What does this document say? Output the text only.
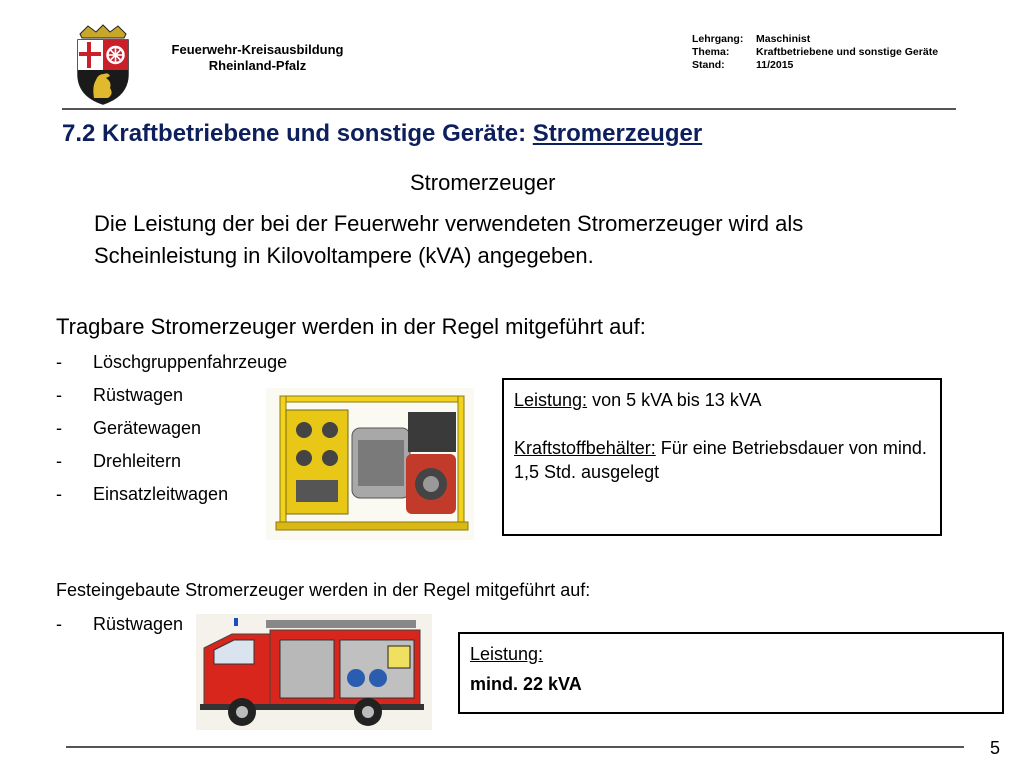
Feuerwehr-Kreisausbildung
Rheinland-Pfalz
Lehrgang: Maschinist
Thema:	Kraftbetriebene und sonstige Geräte
Stand:	11/2015
7.2 Kraftbetriebene und sonstige Geräte: Stromerzeuger
Stromerzeuger
Die Leistung der bei der Feuerwehr verwendeten Stromerzeuger wird als Scheinleistung in Kilovoltampere (kVA) angegeben.
Tragbare Stromerzeuger werden in der Regel mitgeführt auf:
- Löschgruppenfahrzeuge
- Rüstwagen
- Gerätewagen
- Drehleitern
- Einsatzleitwagen
Leistung: von 5 kVA bis 13 kVA
Kraftstoffbehälter: Für eine Betriebsdauer von mind. 1,5 Std. ausgelegt
Festeingebaute Stromerzeuger werden in der Regel mitgeführt auf:
- Rüstwagen
Leistung:
mind. 22 kVA
5
